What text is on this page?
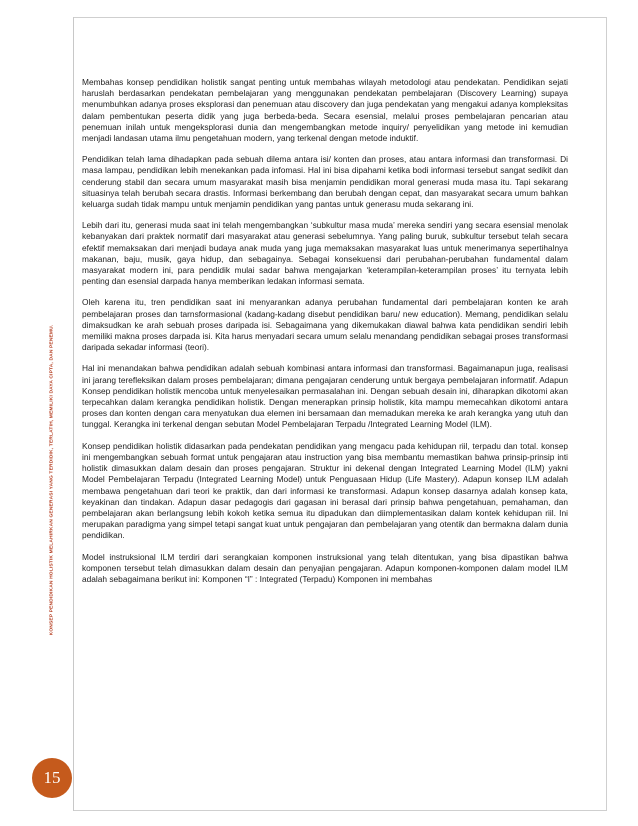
KONSEP PENDIDIKAN HOLISTIK MELAHIRKAN GENERASI YANG TERDIDIK, TERLATIH, MEMILIKI DAYA CIPTA, DAN PENEMU.
15

Membahas konsep pendidikan holistik sangat penting untuk membahas wilayah metodologi atau pendekatan. Pendidikan sejati haruslah berdasarkan pendekatan pembelajaran yang menggunakan pendekatan pembelajaran (Discovery Learning) supaya menumbuhkan adanya proses eksplorasi dan penemuan atau discovery dan juga pendekatan yang mengakui adanya kompleksitas dalam pembentukan peserta didik yang juga berbeda-beda. Secara esensial, melalui proses pembelajaran pencarian atau penemuan inilah untuk mengeksplorasi dunia dan mengembangkan metode inquiry/ penyelidikan yang metode ini kemudian menjadi landasan utama ilmu pengetahuan modern, yang terkenal dengan metode induktif.

Pendidikan telah lama dihadapkan pada sebuah dilema antara isi/ konten dan proses, atau antara informasi dan transformasi. Di masa lampau, pendidikan lebih menekankan pada infomasi. Hal ini bisa dipahami ketika bodi informasi tersebut sangat sedikit dan cenderung stabil dan secara umum masyarakat masih bisa menjamin pendidikan moral generasi muda masa itu. Tapi sekarang situasinya telah berubah secara drastis. Informasi berkembang dan berubah dengan cepat, dan masyarakat secara umum bahkan keluarga sudah tidak mampu untuk menjamin pendidikan yang pantas untuk generasu muda sekarang ini.

Lebih dari itu, generasi muda saat ini telah mengembangkan ‘subkultur masa muda’ mereka sendiri yang secara esensial menolak kebanyakan dari praktek normatif dari masyarakat atau generasi sebelumnya. Yang paling buruk, subkultur tersebut telah secara efektif memaksakan dari menjadi budaya anak muda yang juga memaksakan masyarakat luas untuk menerimanya sepertihalnya makanan, baju, musik, gaya hidup, dan sebagainya. Sebagai konsekuensi dari perubahan-perubahan fundamental dalam masyarakat modern ini, para pendidik mulai sadar bahwa mengajarkan ‘keterampilan-keterampilan proses’ itu ternyata lebih penting dan esensial darpada hanya memberikan ledakan informasi semata.

Oleh karena itu, tren pendidikan saat ini menyarankan adanya perubahan fundamental dari pembelajaran konten ke arah pembelajaran proses dan tarnsformasional (kadang-kadang disebut pendidikan baru/ new education). Memang, pendidikan selalu dimaksudkan ke arah sebuah proses daripada isi. Sebagaimana yang dikemukakan diawal bahwa kata pendidikan sendiri lebih memiliki makna proses darpada isi. Kita harus menyadari secara umum selalu menandang pendidikan sebagai proses transformasi daripada sekadar informasi (teori).

Hal ini menandakan bahwa pendidikan adalah sebuah kombinasi antara informasi dan transformasi. Bagaimanapun juga, realisasi ini jarang terefleksikan dalam proses pembelajaran; dimana pengajaran cenderung untuk bergaya pembelajaran informatif. Adapun Konsep pendidikan holistik mencoba untuk menyelesaikan permasalahan ini. Dengan sebuah desain ini, diharapkan dikotomi akan terpecahkan dalam kerangka pendidikan holistik. Dengan menerapkan prinsip holistik, kita mampu memecahkan dikotomi antara proses dan konten dengan cara menyatukan dua elemen ini bersamaan dan memadukan mereka ke arah kerangka yang utuh dan tunggal. Kerangka ini terkenal dengan sebutan Model Pembelajaran Terpadu /Integrated Learning Model (ILM).

Konsep pendidikan holistik didasarkan pada pendekatan pendidikan yang mengacu pada kehidupan riil, terpadu dan total. konsep ini mengembangkan sebuah format untuk pengajaran atau instruction yang bisa membantu memastikan bahwa prinsip-prinsip inti holistik dimasukkan dalam desain dan proses pengajaran. Struktur ini dekenal dengan Integrated Learning Model (ILM) yakni Model Pembelajaran Terpadu (Integrated Learning Model) untuk Penguasaan Hidup (Life Mastery). Adapun konsep ILM adalah membawa pengetahuan dari teori ke praktik, dan dari informasi ke transformasi. Adapun konsep dasarnya adalah konsep kata, keyakinan dan tindakan. Adapun dasar pedagogis dari gagasan ini berasal dari prinsip bahwa pengetahuan, pemahaman, dan pembelajaran akan berlangsung lebih kokoh ketika semua itu dipadukan dan diimplementasikan dalam kontek kehidupan riil. Ini merupakan paradigma yang simpel tetapi sangat kuat untuk pengajaran dan pembelajaran yang otentik dan bermakna dalam dunia pendidikan.

Model instruksional ILM terdiri dari serangkaian komponen instruksional yang telah ditentukan, yang bisa dipastikan bahwa komponen tersebut telah dimasukkan dalam desain dan penyajian pengajaran. Adapun komponen-komponen dalam model ILM adalah sebagaimana berikut ini: Komponen “I” : Integrated (Terpadu) Komponen ini membahas
